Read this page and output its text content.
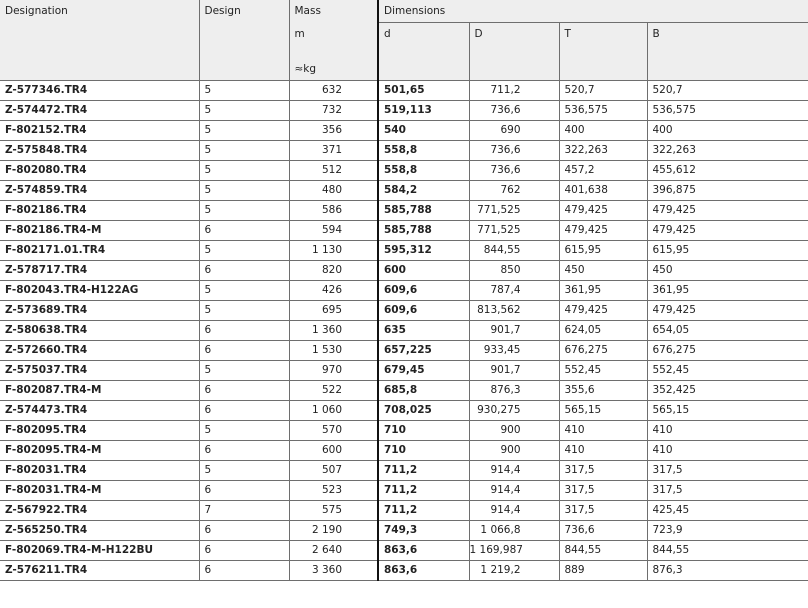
Designation	Design	Mass	Dimensions			
		m	d	D	T	B
		≈kg				
Z-577346.TR4	5	632	501,65	711,2	520,7	520,7
Z-574472.TR4	5	732	519,113	736,6	536,575	536,575
F-802152.TR4	5	356	540	690	400	400
Z-575848.TR4	5	371	558,8	736,6	322,263	322,263
F-802080.TR4	5	512	558,8	736,6	457,2	455,612
Z-574859.TR4	5	480	584,2	762	401,638	396,875
F-802186.TR4	5	586	585,788	771,525	479,425	479,425
F-802186.TR4-M	6	594	585,788	771,525	479,425	479,425
F-802171.01.TR4	5	1 130	595,312	844,55	615,95	615,95
Z-578717.TR4	6	820	600	850	450	450
F-802043.TR4-H122AG	5	426	609,6	787,4	361,95	361,95
Z-573689.TR4	5	695	609,6	813,562	479,425	479,425
Z-580638.TR4	6	1 360	635	901,7	624,05	654,05
Z-572660.TR4	6	1 530	657,225	933,45	676,275	676,275
Z-575037.TR4	5	970	679,45	901,7	552,45	552,45
F-802087.TR4-M	6	522	685,8	876,3	355,6	352,425
Z-574473.TR4	6	1 060	708,025	930,275	565,15	565,15
F-802095.TR4	5	570	710	900	410	410
F-802095.TR4-M	6	600	710	900	410	410
F-802031.TR4	5	507	711,2	914,4	317,5	317,5
F-802031.TR4-M	6	523	711,2	914,4	317,5	317,5
Z-567922.TR4	7	575	711,2	914,4	317,5	425,45
Z-565250.TR4	6	2 190	749,3	1 066,8	736,6	723,9
F-802069.TR4-M-H122BU	6	2 640	863,6	1 169,987	844,55	844,55
Z-576211.TR4	6	3 360	863,6	1 219,2	889	876,3
